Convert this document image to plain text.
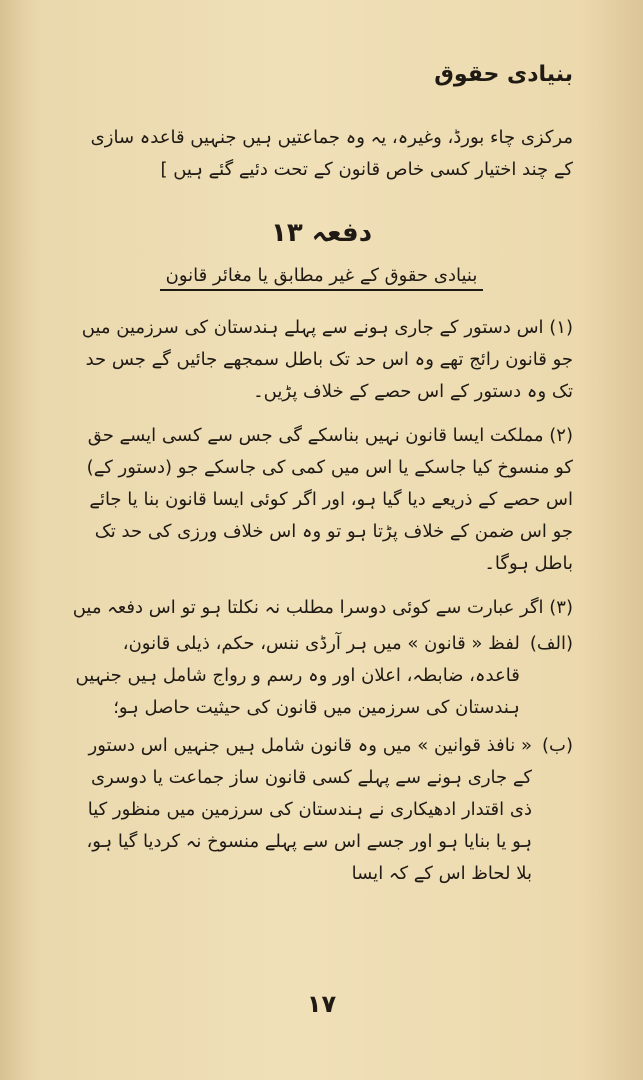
بنیادی حقوق
مرکزی چاء بورڈ، وغیرہ، یہ وہ جماعتیں ہیں جنہیں قاعدہ سازی کے چند اختیار کسی خاص قانون کے تحت دئیے گئے ہیں ]
دفعہ ۱۳
بنیادی حقوق کے غیر مطابق یا مغائر قانون

(۱) اس دستور کے جاری ہونے سے پہلے ہندستان کی سرزمین میں جو قانون رائج تھے وہ اس حد تک باطل سمجھے جائیں گے جس حد تک وہ دستور کے اس حصے کے خلاف پڑیں۔

(۲) مملکت ایسا قانون نہیں بناسکے گی جس سے کسی ایسے حق کو منسوخ کیا جاسکے یا اس میں کمی کی جاسکے جو (دستور کے) اس حصے کے ذریعے دیا گیا ہو، اور اگر کوئی ایسا قانون بنا یا جائے جو اس ضمن کے خلاف پڑتا ہو تو وہ اس خلاف ورزی کی حد تک باطل ہوگا۔

(۳) اگر عبارت سے کوئی دوسرا مطلب نہ نکلتا ہو تو اس دفعہ میں

(الف)
لفظ « قانون » میں ہر آرڈی ننس، حکم، ذیلی قانون، قاعدہ، ضابطہ، اعلان اور وہ رسم و رواج شامل ہیں جنہیں ہندستان کی سرزمین میں قانون کی حیثیت حاصل ہو؛
(ب)
« نافذ قوانین » میں وہ قانون شامل ہیں جنہیں اس دستور کے جاری ہونے سے پہلے کسی قانون ساز جماعت یا دوسری ذی اقتدار ادھیکاری نے ہندستان کی سرزمین میں منظور کیا ہو یا بنایا ہو اور جسے اس سے پہلے منسوخ نہ کردیا گیا ہو، بلا لحاظ اس کے کہ ایسا
۱۷
